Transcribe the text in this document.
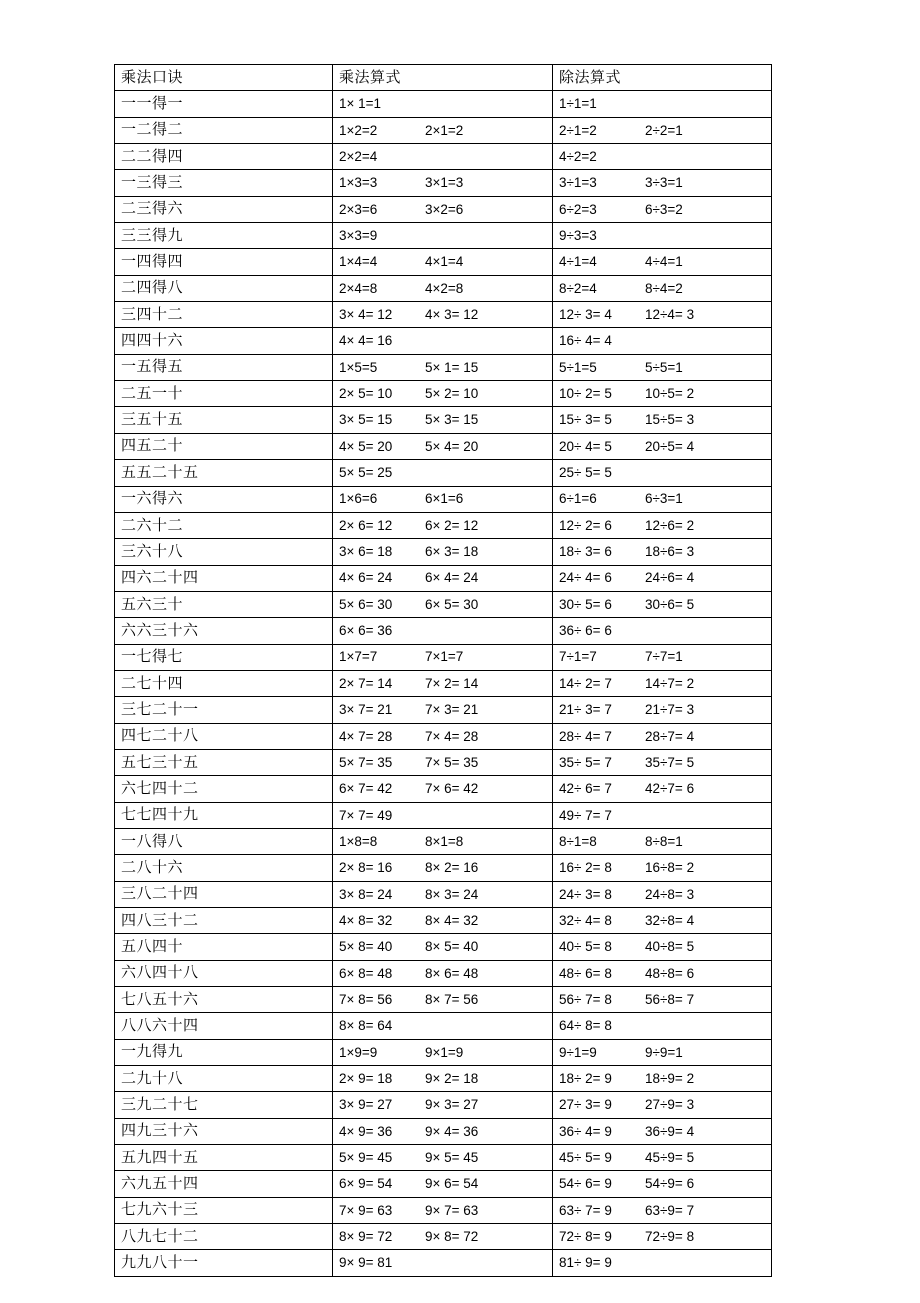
乘法口诀	乘法算式	除法算式
一一得一	1× 1=1	1÷1=1

一二得二	1×2=2 2×1=2	2÷1=2 2÷2=1

二二得四	2×2=4	4÷2=2

一三得三	1×3=3 3×1=3	3÷1=3 3÷3=1

二三得六	2×3=6 3×2=6	6÷2=3 6÷3=2

三三得九	3×3=9	9÷3=3

一四得四	1×4=4 4×1=4	4÷1=4 4÷4=1

二四得八	2×4=8 4×2=8	8÷2=4 8÷4=2

三四十二	3× 4= 12 4× 3= 12	12÷ 3= 4 12÷4= 3

四四十六	4× 4= 16	16÷ 4= 4

一五得五	1×5=5 5× 1= 15	5÷1=5 5÷5=1

二五一十	2× 5= 10 5× 2= 10	10÷ 2= 5 10÷5= 2

三五十五	3× 5= 15 5× 3= 15	15÷ 3= 5 15÷5= 3

四五二十	4× 5= 20 5× 4= 20	20÷ 4= 5 20÷5= 4

五五二十五	5× 5= 25	25÷ 5= 5

一六得六	1×6=6 6×1=6	6÷1=6 6÷3=1

二六十二	2× 6= 12 6× 2= 12	12÷ 2= 6 12÷6= 2

三六十八	3× 6= 18 6× 3= 18	18÷ 3= 6 18÷6= 3

四六二十四	4× 6= 24 6× 4= 24	24÷ 4= 6 24÷6= 4

五六三十	5× 6= 30 6× 5= 30	30÷ 5= 6 30÷6= 5

六六三十六	6× 6= 36	36÷ 6= 6

一七得七	1×7=7 7×1=7	7÷1=7 7÷7=1

二七十四	2× 7= 14 7× 2= 14	14÷ 2= 7 14÷7= 2

三七二十一	3× 7= 21 7× 3= 21	21÷ 3= 7 21÷7= 3

四七二十八	4× 7= 28 7× 4= 28	28÷ 4= 7 28÷7= 4

五七三十五	5× 7= 35 7× 5= 35	35÷ 5= 7 35÷7= 5

六七四十二	6× 7= 42 7× 6= 42	42÷ 6= 7 42÷7= 6

七七四十九	7× 7= 49	49÷ 7= 7

一八得八	1×8=8 8×1=8	8÷1=8 8÷8=1

二八十六	2× 8= 16 8× 2= 16	16÷ 2= 8 16÷8= 2

三八二十四	3× 8= 24 8× 3= 24	24÷ 3= 8 24÷8= 3

四八三十二	4× 8= 32 8× 4= 32	32÷ 4= 8 32÷8= 4

五八四十	5× 8= 40 8× 5= 40	40÷ 5= 8 40÷8= 5

六八四十八	6× 8= 48 8× 6= 48	48÷ 6= 8 48÷8= 6

七八五十六	7× 8= 56 8× 7= 56	56÷ 7= 8 56÷8= 7

八八六十四	8× 8= 64	64÷ 8= 8

一九得九	1×9=9 9×1=9	9÷1=9 9÷9=1

二九十八	2× 9= 18 9× 2= 18	18÷ 2= 9 18÷9= 2

三九二十七	3× 9= 27 9× 3= 27	27÷ 3= 9 27÷9= 3

四九三十六	4× 9= 36 9× 4= 36	36÷ 4= 9 36÷9= 4

五九四十五	5× 9= 45 9× 5= 45	45÷ 5= 9 45÷9= 5

六九五十四	6× 9= 54 9× 6= 54	54÷ 6= 9 54÷9= 6

七九六十三	7× 9= 63 9× 7= 63	63÷ 7= 9 63÷9= 7

八九七十二	8× 9= 72 9× 8= 72	72÷ 8= 9 72÷9= 8

九九八十一	9× 9= 81	81÷ 9= 9
